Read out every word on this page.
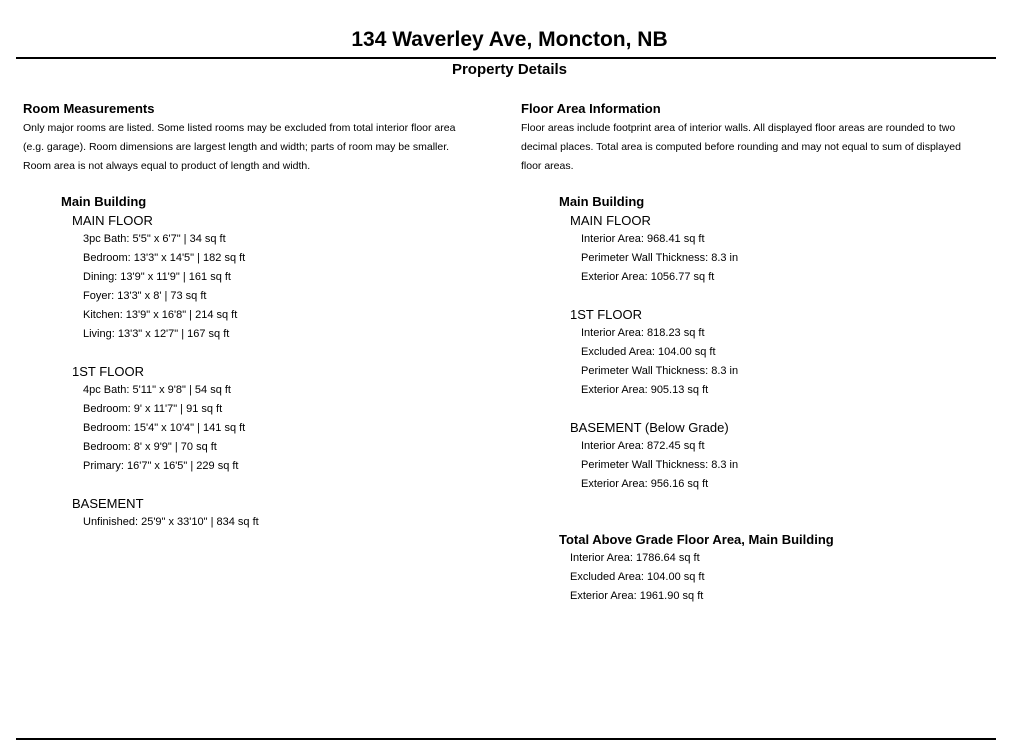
134 Waverley Ave, Moncton, NB
Property Details
Room Measurements
Only major rooms are listed. Some listed rooms may be excluded from total interior floor area
(e.g. garage). Room dimensions are largest length and width; parts of room may be smaller.
Room area is not always equal to product of length and width.
Main Building
MAIN FLOOR
3pc Bath: 5'5" x 6'7" | 34 sq ft
Bedroom: 13'3" x 14'5" | 182 sq ft
Dining: 13'9" x 11'9" | 161 sq ft
Foyer: 13'3" x 8' | 73 sq ft
Kitchen: 13'9" x 16'8" | 214 sq ft
Living: 13'3" x 12'7" | 167 sq ft
1ST FLOOR
4pc Bath: 5'11" x 9'8" | 54 sq ft
Bedroom: 9' x 11'7" | 91 sq ft
Bedroom: 15'4" x 10'4" | 141 sq ft
Bedroom: 8' x 9'9" | 70 sq ft
Primary: 16'7" x 16'5" | 229 sq ft
BASEMENT
Unfinished: 25'9" x 33'10" | 834 sq ft
Floor Area Information
Floor areas include footprint area of interior walls. All displayed floor areas are rounded to two
decimal places. Total area is computed before rounding and may not equal to sum of displayed
floor areas.
Main Building
MAIN FLOOR
Interior Area: 968.41 sq ft
Perimeter Wall Thickness: 8.3 in
Exterior Area: 1056.77 sq ft
1ST FLOOR
Interior Area: 818.23 sq ft
Excluded Area: 104.00 sq ft
Perimeter Wall Thickness: 8.3 in
Exterior Area: 905.13 sq ft
BASEMENT (Below Grade)
Interior Area: 872.45 sq ft
Perimeter Wall Thickness: 8.3 in
Exterior Area: 956.16 sq ft
Total Above Grade Floor Area, Main Building
Interior Area: 1786.64 sq ft
Excluded Area: 104.00 sq ft
Exterior Area: 1961.90 sq ft
